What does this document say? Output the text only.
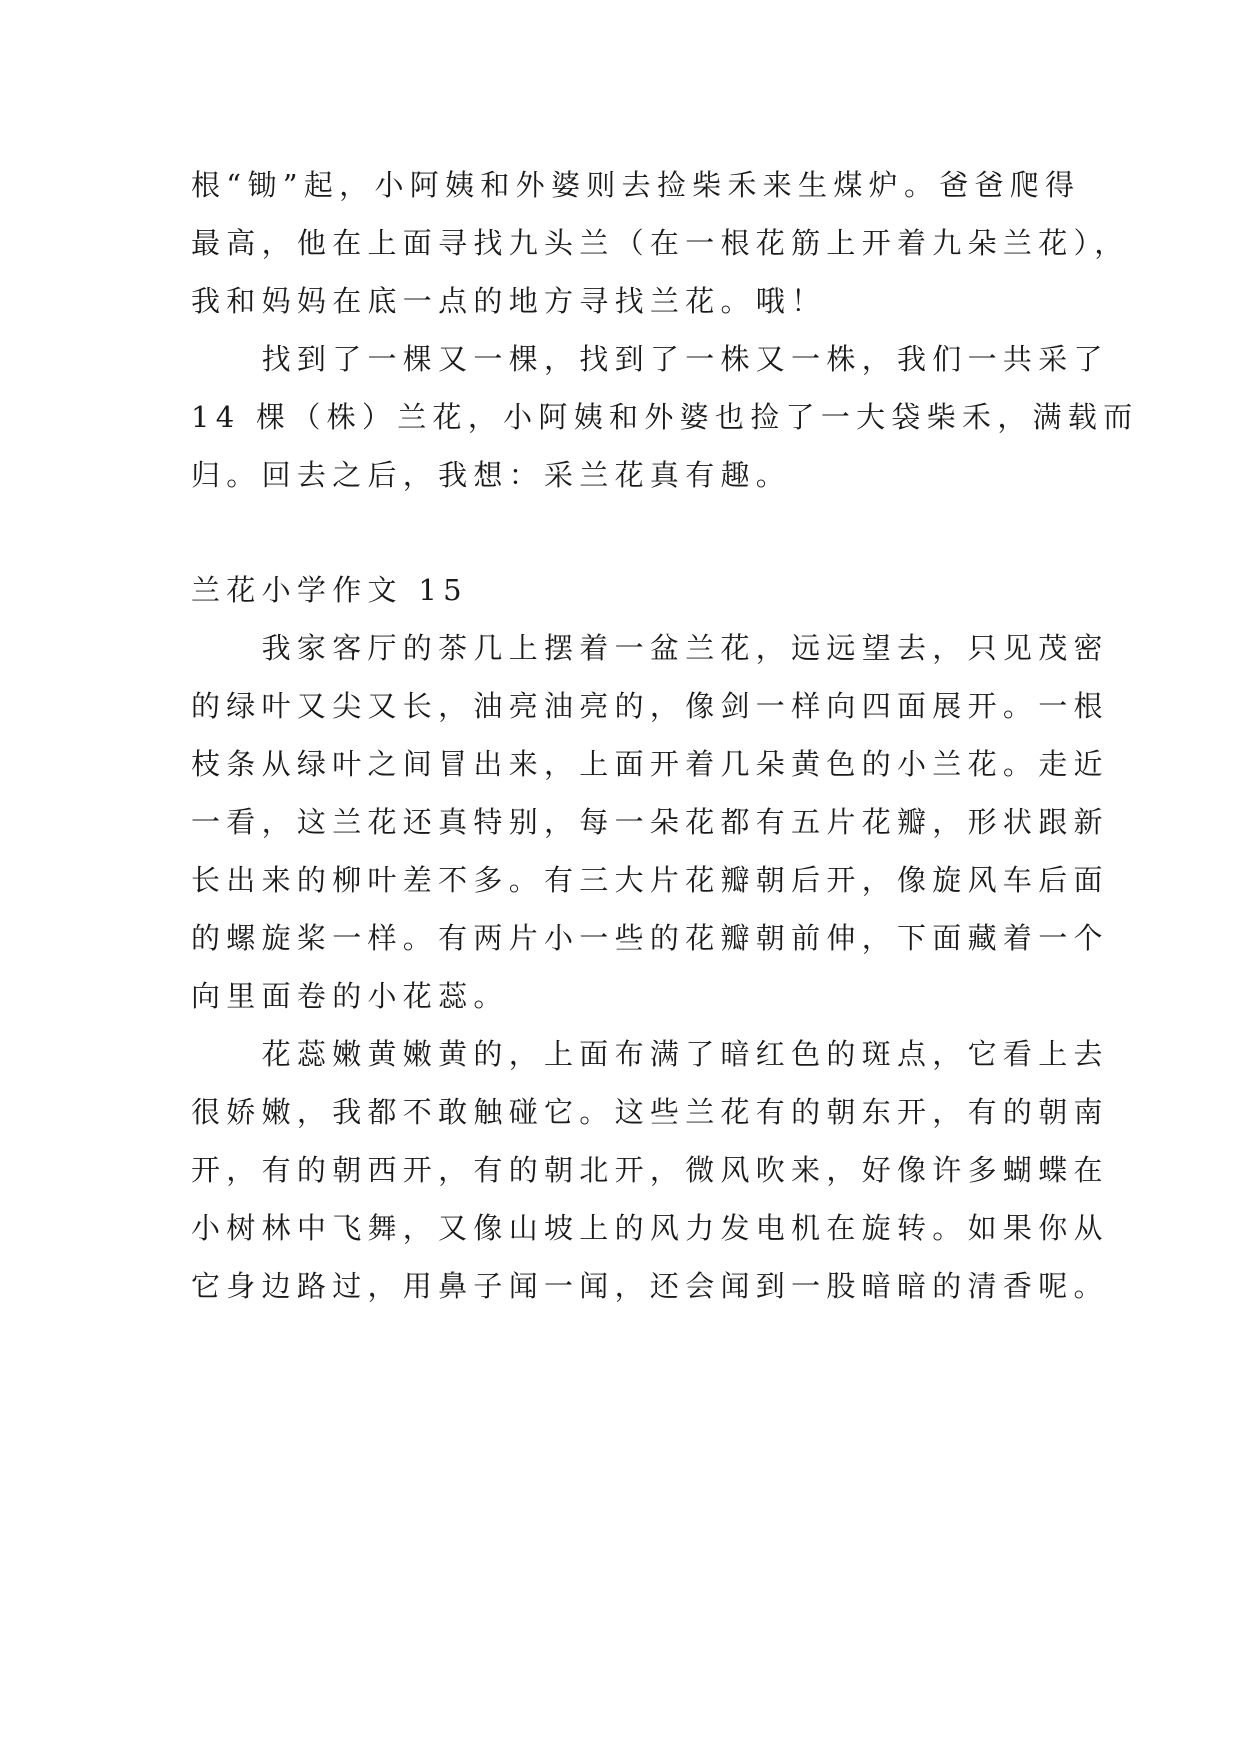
根“锄”起，小阿姨和外婆则去捡柴禾来生煤炉。爸爸爬得
最高，他在上面寻找九头兰（在一根花筋上开着九朵兰花），
我和妈妈在底一点的地方寻找兰花。哦！
　　找到了一棵又一棵，找到了一株又一株，我们一共采了
14 棵（株）兰花，小阿姨和外婆也捡了一大袋柴禾，满载而
归。回去之后，我想：采兰花真有趣。
兰花小学作文 15
　　我家客厅的茶几上摆着一盆兰花，远远望去，只见茂密
的绿叶又尖又长，油亮油亮的，像剑一样向四面展开。一根
枝条从绿叶之间冒出来，上面开着几朵黄色的小兰花。走近
一看，这兰花还真特别，每一朵花都有五片花瓣，形状跟新
长出来的柳叶差不多。有三大片花瓣朝后开，像旋风车后面
的螺旋桨一样。有两片小一些的花瓣朝前伸，下面藏着一个
向里面卷的小花蕊。
　　花蕊嫩黄嫩黄的，上面布满了暗红色的斑点，它看上去
很娇嫩，我都不敢触碰它。这些兰花有的朝东开，有的朝南
开，有的朝西开，有的朝北开，微风吹来，好像许多蝴蝶在
小树林中飞舞，又像山坡上的风力发电机在旋转。如果你从
它身边路过，用鼻子闻一闻，还会闻到一股暗暗的清香呢。
